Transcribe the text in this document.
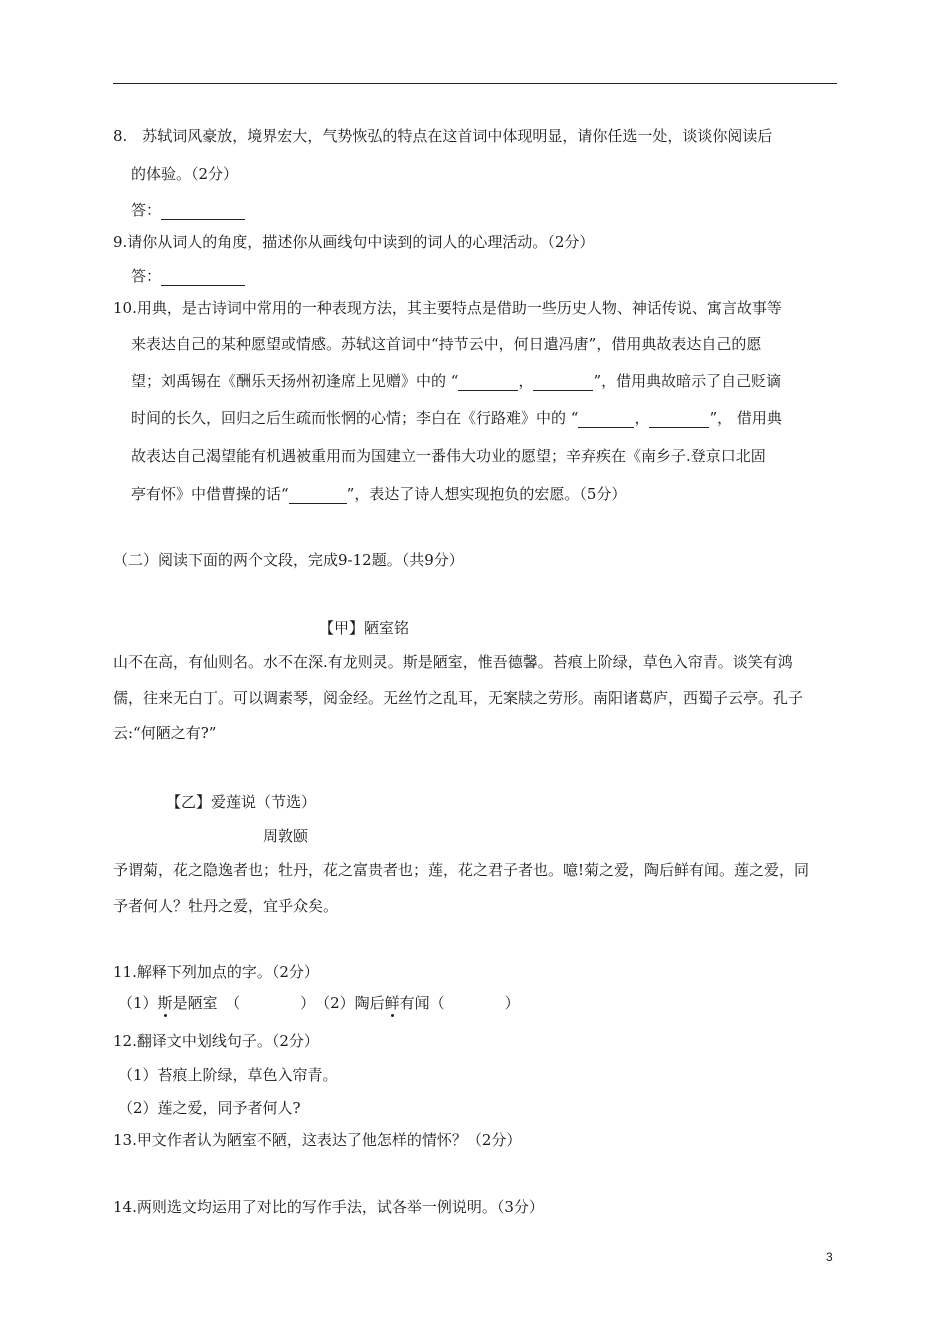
8.　苏轼词风豪放，境界宏大，气势恢弘的特点在这首词中体现明显，请你任选一处，谈谈你阅读后
的体验。（2分）
答：
9.请你从词人的角度，描述你从画线句中读到的词人的心理活动。（2分）
答：
10.用典，是古诗词中常用的一种表现方法，其主要特点是借助一些历史人物、神话传说、寓言故事等
来表达自己的某种愿望或情感。苏轼这首词中“持节云中，何日遣冯唐”，借用典故表达自己的愿
望；刘禹锡在《酬乐天扬州初逢席上见赠》中的 “	，	”，借用典故暗示了自己贬谪
时间的长久，回归之后生疏而怅惘的心情；李白在《行路难》中的 “	，	”， 借用典
故表达自己渴望能有机遇被重用而为国建立一番伟大功业的愿望；辛弃疾在《南乡子.登京口北固
亭有怀》中借曹操的话“	”，表达了诗人想实现抱负的宏愿。（5分）
（二）阅读下面的两个文段，完成9-12题。（共9分）
【甲】陋室铭
山不在高，有仙则名。水不在深.有龙则灵。斯是陋室，惟吾德馨。苔痕上阶绿，草色入帘青。谈笑有鸿
儒，往来无白丁。可以调素琴，阅金经。无丝竹之乱耳，无案牍之劳形。南阳诸葛庐，西蜀子云亭。孔子
云:“何陋之有?”
【乙】爱莲说（节选）
周敦颐
予谓菊，花之隐逸者也；牡丹，花之富贵者也；莲，花之君子者也。噫!菊之爱，陶后鲜有闻。莲之爱，同
予者何人？牡丹之爱，宜乎众矣。
11.解释下列加点的字。（2分）
（1）斯是陋室　（　　　　）　（2）陶后鲜有闻（　　　　）
12.翻译文中划线句子。（2分）
（1）苔痕上阶绿，草色入帘青。
（2）莲之爱，同予者何人?
13.甲文作者认为陋室不陋，这表达了他怎样的情怀？（2分）
14.两则选文均运用了对比的写作手法，试各举一例说明。（3分）
3
